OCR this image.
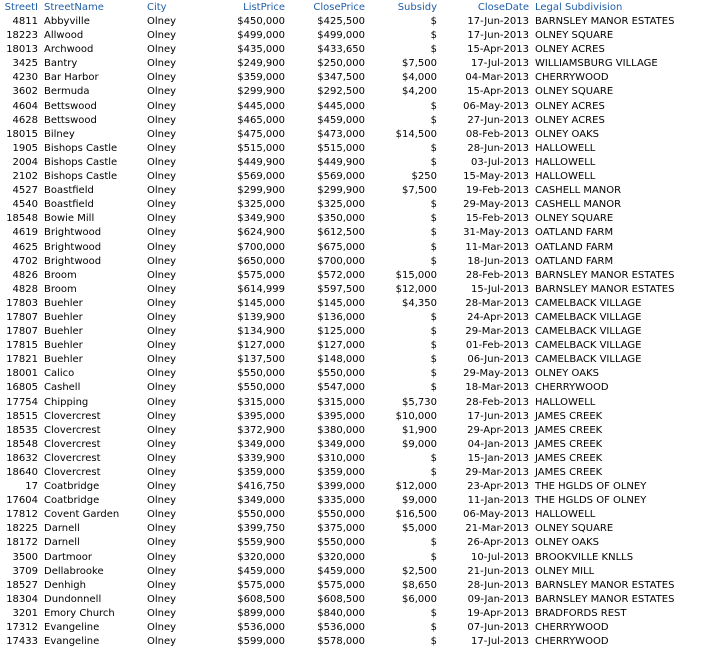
StreetI	StreetName	City	ListPrice	ClosePrice	Subsidy	CloseDate	Legal Subdivision
4811	Abbyville	Olney	$450,000	$425,500	$	17-Jun-2013	BARNSLEY MANOR ESTATES
18223	Allwood	Olney	$499,000	$499,000	$	17-Jun-2013	OLNEY SQUARE
18013	Archwood	Olney	$435,000	$433,650	$	15-Apr-2013	OLNEY ACRES
3425	Bantry	Olney	$249,900	$250,000	$7,500	17-Jul-2013	WILLIAMSBURG VILLAGE
4230	Bar Harbor	Olney	$359,000	$347,500	$4,000	04-Mar-2013	CHERRYWOOD
3602	Bermuda	Olney	$299,900	$292,500	$4,200	15-Apr-2013	OLNEY SQUARE
4604	Bettswood	Olney	$445,000	$445,000	$	06-May-2013	OLNEY ACRES
4628	Bettswood	Olney	$465,000	$459,000	$	27-Jun-2013	OLNEY ACRES
18015	Bilney	Olney	$475,000	$473,000	$14,500	08-Feb-2013	OLNEY OAKS
1905	Bishops Castle	Olney	$515,000	$515,000	$	28-Jun-2013	HALLOWELL
2004	Bishops Castle	Olney	$449,900	$449,900	$	03-Jul-2013	HALLOWELL
2102	Bishops Castle	Olney	$569,000	$569,000	$250	15-May-2013	HALLOWELL
4527	Boastfield	Olney	$299,900	$299,900	$7,500	19-Feb-2013	CASHELL MANOR
4540	Boastfield	Olney	$325,000	$325,000	$	29-May-2013	CASHELL MANOR
18548	Bowie Mill	Olney	$349,900	$350,000	$	15-Feb-2013	OLNEY SQUARE
4619	Brightwood	Olney	$624,900	$612,500	$	31-May-2013	OATLAND FARM
4625	Brightwood	Olney	$700,000	$675,000	$	11-Mar-2013	OATLAND FARM
4702	Brightwood	Olney	$650,000	$700,000	$	18-Jun-2013	OATLAND FARM
4826	Broom	Olney	$575,000	$572,000	$15,000	28-Feb-2013	BARNSLEY MANOR ESTATES
4828	Broom	Olney	$614,999	$597,500	$12,000	15-Jul-2013	BARNSLEY MANOR ESTATES
17803	Buehler	Olney	$145,000	$145,000	$4,350	28-Mar-2013	CAMELBACK VILLAGE
17807	Buehler	Olney	$139,900	$136,000	$	24-Apr-2013	CAMELBACK VILLAGE
17807	Buehler	Olney	$134,900	$125,000	$	29-Mar-2013	CAMELBACK VILLAGE
17815	Buehler	Olney	$127,000	$127,000	$	01-Feb-2013	CAMELBACK VILLAGE
17821	Buehler	Olney	$137,500	$148,000	$	06-Jun-2013	CAMELBACK VILLAGE
18001	Calico	Olney	$550,000	$550,000	$	29-May-2013	OLNEY OAKS
16805	Cashell	Olney	$550,000	$547,000	$	18-Mar-2013	CHERRYWOOD
17754	Chipping	Olney	$315,000	$315,000	$5,730	28-Feb-2013	HALLOWELL
18515	Clovercrest	Olney	$395,000	$395,000	$10,000	17-Jun-2013	JAMES CREEK
18535	Clovercrest	Olney	$372,900	$380,000	$1,900	29-Apr-2013	JAMES CREEK
18548	Clovercrest	Olney	$349,000	$349,000	$9,000	04-Jan-2013	JAMES CREEK
18632	Clovercrest	Olney	$339,900	$310,000	$	15-Jan-2013	JAMES CREEK
18640	Clovercrest	Olney	$359,000	$359,000	$	29-Mar-2013	JAMES CREEK
17	Coatbridge	Olney	$416,750	$399,000	$12,000	23-Apr-2013	THE HGLDS OF OLNEY
17604	Coatbridge	Olney	$349,000	$335,000	$9,000	11-Jan-2013	THE HGLDS OF OLNEY
17812	Covent Garden	Olney	$550,000	$550,000	$16,500	06-May-2013	HALLOWELL
18225	Darnell	Olney	$399,750	$375,000	$5,000	21-Mar-2013	OLNEY SQUARE
18172	Darnell	Olney	$559,900	$550,000	$	26-Apr-2013	OLNEY OAKS
3500	Dartmoor	Olney	$320,000	$320,000	$	10-Jul-2013	BROOKVILLE KNLLS
3709	Dellabrooke	Olney	$459,000	$459,000	$2,500	21-Jun-2013	OLNEY MILL
18527	Denhigh	Olney	$575,000	$575,000	$8,650	28-Jun-2013	BARNSLEY MANOR ESTATES
18304	Dundonnell	Olney	$608,500	$608,500	$6,000	09-Jan-2013	BARNSLEY MANOR ESTATES
3201	Emory Church	Olney	$899,000	$840,000	$	19-Apr-2013	BRADFORDS REST
17312	Evangeline	Olney	$536,000	$536,000	$	07-Jun-2013	CHERRYWOOD
17433	Evangeline	Olney	$599,000	$578,000	$	17-Jul-2013	CHERRYWOOD
